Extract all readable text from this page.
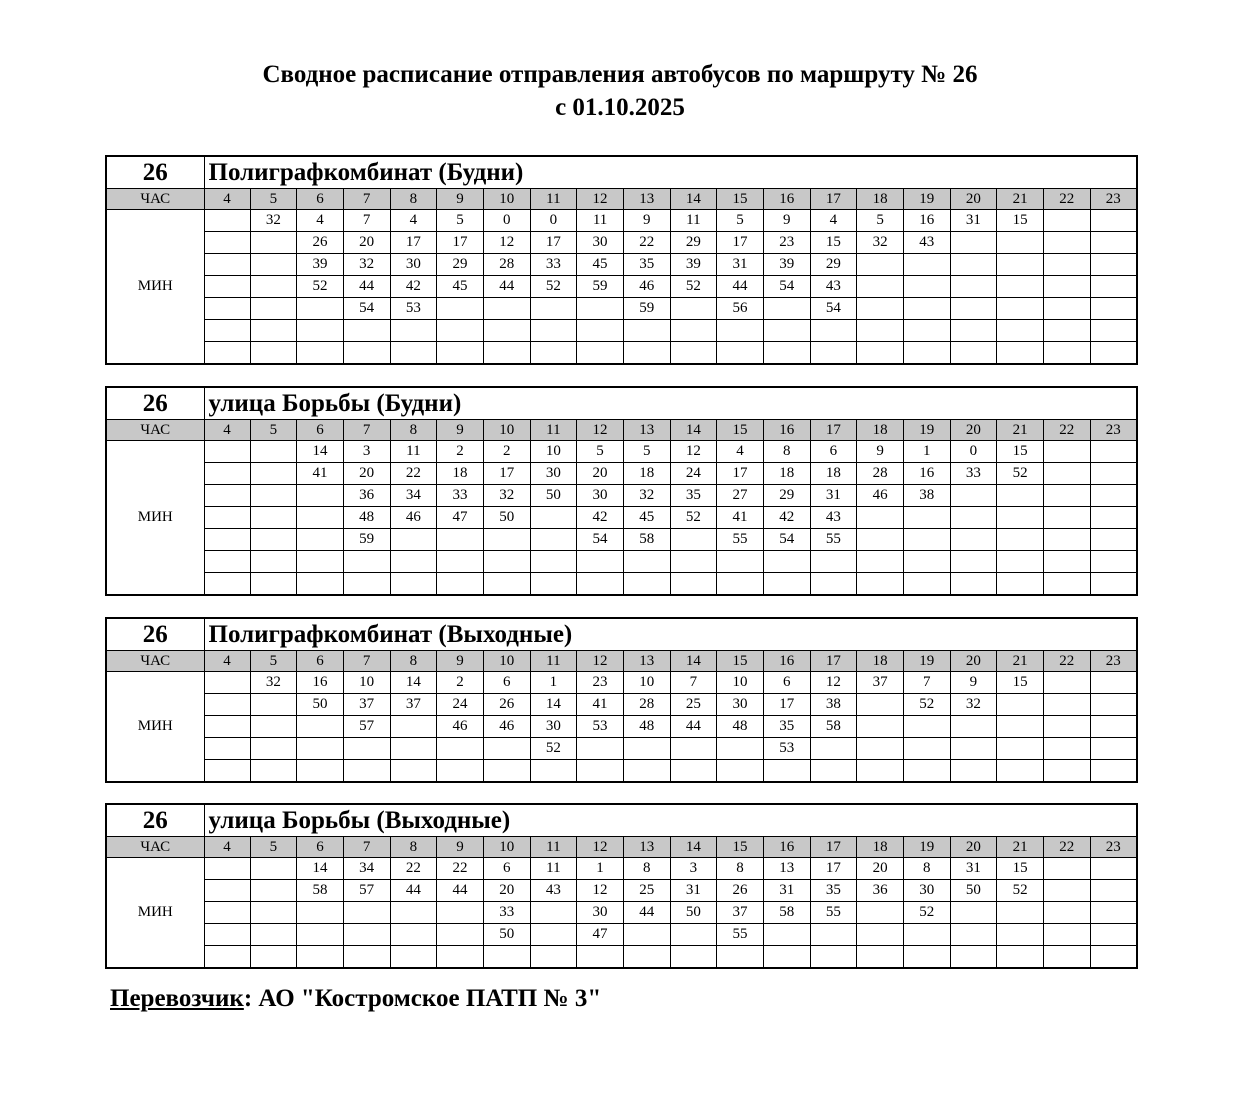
Сводное расписание отправления автобусов по маршруту № 26
с 01.10.2025
26	Полиграфкомбинат (Будни)																			
ЧАС	4	5	6	7	8	9	10	11	12	13	14	15	16	17	18	19	20	21	22	23
МИН		32	4	7	4	5	0	0	11	9	11	5	9	4	5	16	31	15		
			26	20	17	17	12	17	30	22	29	17	23	15	32	43				
			39	32	30	29	28	33	45	35	39	31	39	29						
			52	44	42	45	44	52	59	46	52	44	54	43						
				54	53					59		56		54						

26	улица Борьбы (Будни)																			
ЧАС	4	5	6	7	8	9	10	11	12	13	14	15	16	17	18	19	20	21	22	23
МИН			14	3	11	2	2	10	5	5	12	4	8	6	9	1	0	15		
			41	20	22	18	17	30	20	18	24	17	18	18	28	16	33	52		
				36	34	33	32	50	30	32	35	27	29	31	46	38				
				48	46	47	50		42	45	52	41	42	43						
				59					54	58		55	54	55						

26	Полиграфкомбинат (Выходные)																			
ЧАС	4	5	6	7	8	9	10	11	12	13	14	15	16	17	18	19	20	21	22	23
МИН		32	16	10	14	2	6	1	23	10	7	10	6	12	37	7	9	15		
			50	37	37	24	26	14	41	28	25	30	17	38		52	32			
				57		46	46	30	53	48	44	48	35	58						
								52					53							

26	улица Борьбы (Выходные)																			
ЧАС	4	5	6	7	8	9	10	11	12	13	14	15	16	17	18	19	20	21	22	23
МИН			14	34	22	22	6	11	1	8	3	8	13	17	20	8	31	15		
			58	57	44	44	20	43	12	25	31	26	31	35	36	30	50	52		
							33		30	44	50	37	58	55		52				
							50		47			55								

Перевозчик: АО "Костромское ПАТП № 3"
